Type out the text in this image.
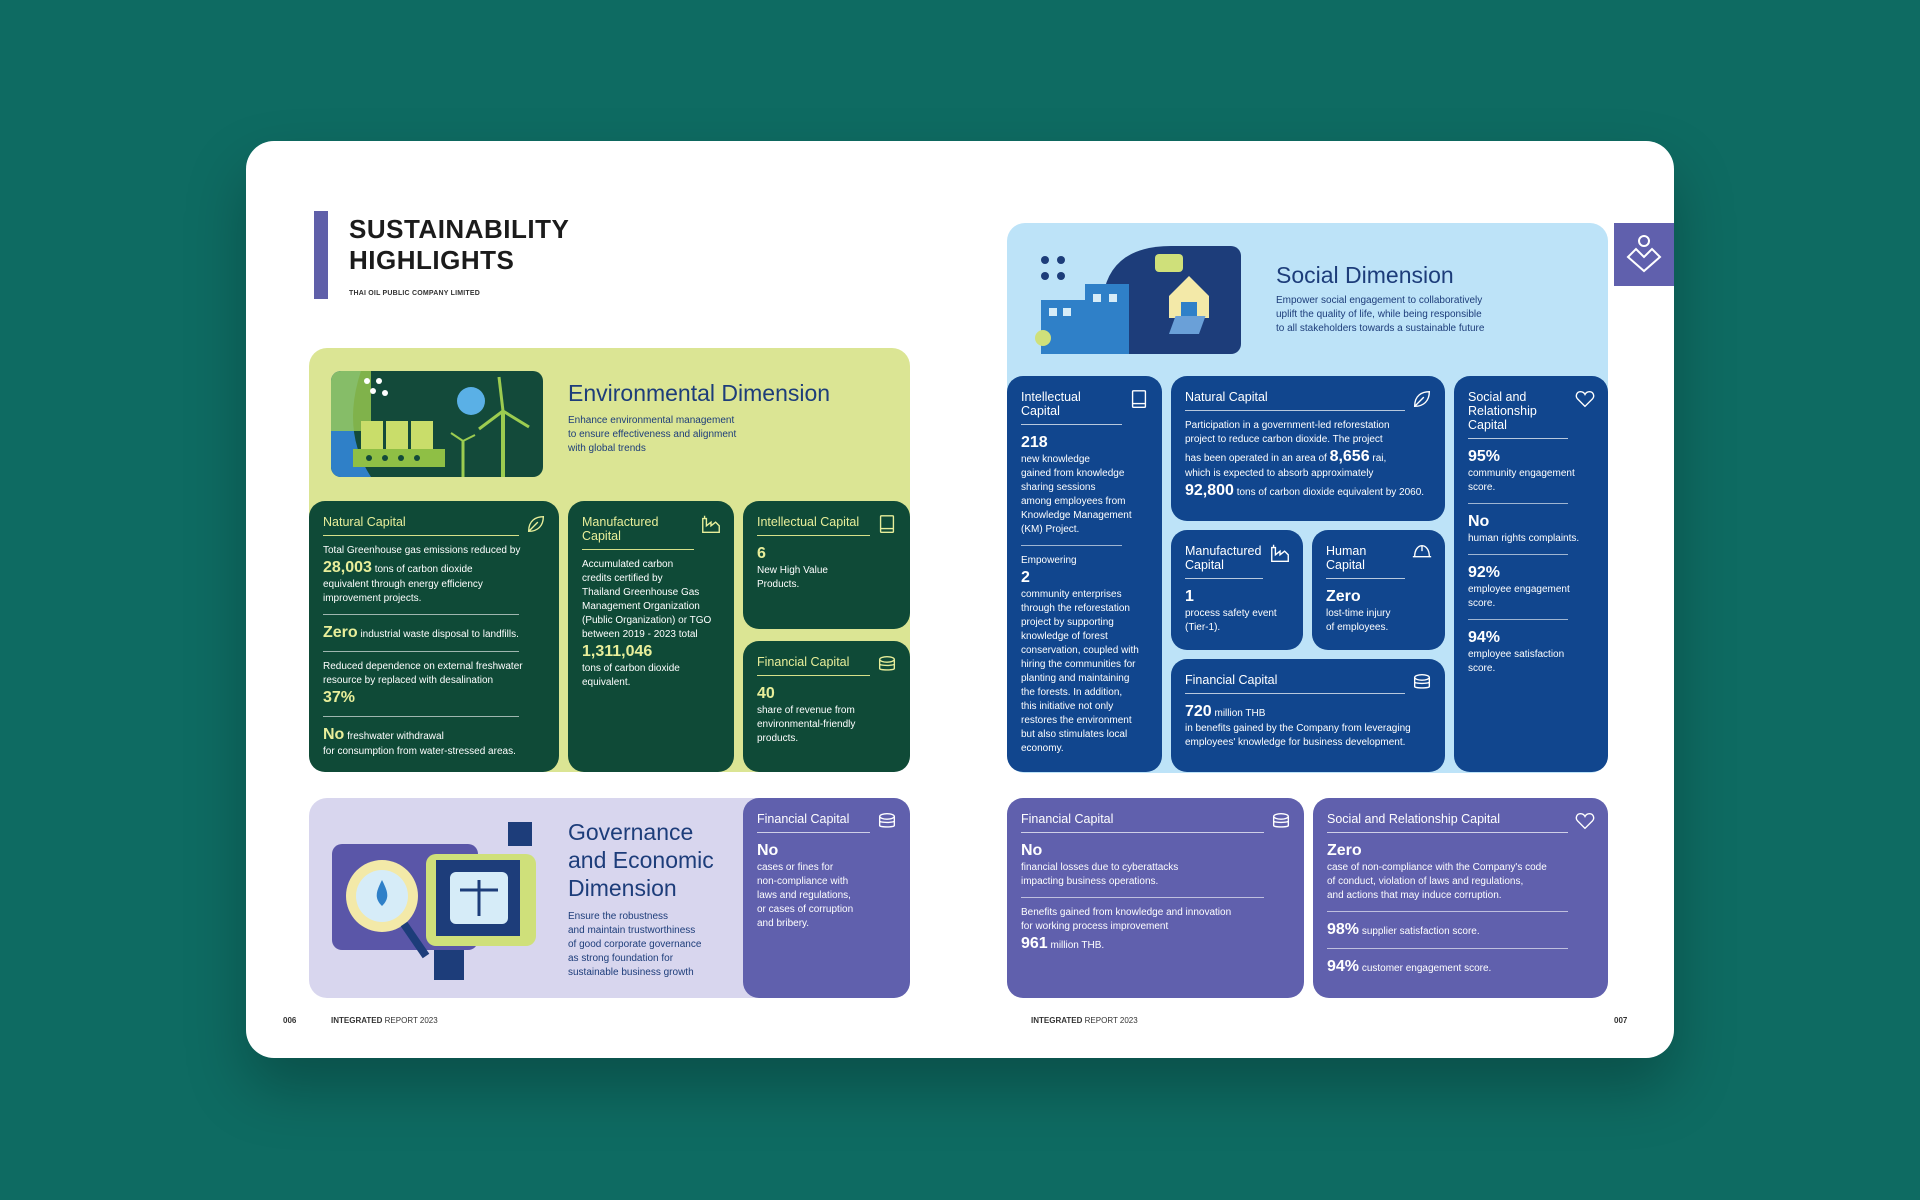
SUSTAINABILITY
HIGHLIGHTS
THAI OIL PUBLIC COMPANY LIMITED
Environmental Dimension
Enhance environmental management
to ensure effectiveness and alignment
with global trends
Natural Capital
Total Greenhouse gas emissions reduced by
28,003 tons of carbon dioxide
equivalent through energy efficiency
improvement projects.
Zero industrial waste disposal to landfills.
Reduced dependence on external freshwater
resource by replaced with desalination
37%
No freshwater withdrawal
for consumption from water-stressed areas.
Manufactured
Capital
Accumulated carbon
credits certified by
Thailand Greenhouse Gas
Management Organization
(Public Organization) or TGO
between 2019 - 2023 total
1,311,046
tons of carbon dioxide
equivalent.
Intellectual Capital
6
New High Value
Products.
Financial Capital
40
share of revenue from
environmental-friendly
products.
Governance
and Economic
Dimension
Ensure the robustness
and maintain trustworthiness
of good corporate governance
as strong foundation for
sustainable business growth
Financial Capital
No
cases or fines for
non-compliance with
laws and regulations,
or cases of corruption
and bribery.
Social Dimension
Empower social engagement to collaboratively
uplift the quality of life, while being responsible
to all stakeholders towards a sustainable future
Intellectual Capital
218
new knowledge
gained from knowledge
sharing sessions
among employees from
Knowledge Management
(KM) Project.
Empowering
2
community enterprises
through the reforestation
project by supporting
knowledge of forest
conservation, coupled with
hiring the communities for
planting and maintaining
the forests. In addition,
this initiative not only
restores the environment
but also stimulates local
economy.
Natural Capital
Participation in a government-led reforestation
project to reduce carbon dioxide. The project
has been operated in an area of 8,656 rai,
which is expected to absorb approximately
92,800 tons of carbon dioxide equivalent by 2060.
Manufactured
Capital
1
process safety event
(Tier-1).
Human
Capital
Zero
lost-time injury
of employees.
Financial Capital
720 million THB
in benefits gained by the Company from leveraging
employees' knowledge for business development.
Social and
Relationship
Capital
95%
community engagement
score.
No
human rights complaints.
92%
employee engagement
score.
94%
employee satisfaction
score.
Financial Capital
No
financial losses due to cyberattacks
impacting business operations.
Benefits gained from knowledge and innovation
for working process improvement
961 million THB.
Social and Relationship Capital
Zero
case of non-compliance with the Company's code
of conduct, violation of laws and regulations,
and actions that may induce corruption.
98% supplier satisfaction score.
94% customer engagement score.
006	INTEGRATED REPORT 2023	INTEGRATED REPORT 2023	007
